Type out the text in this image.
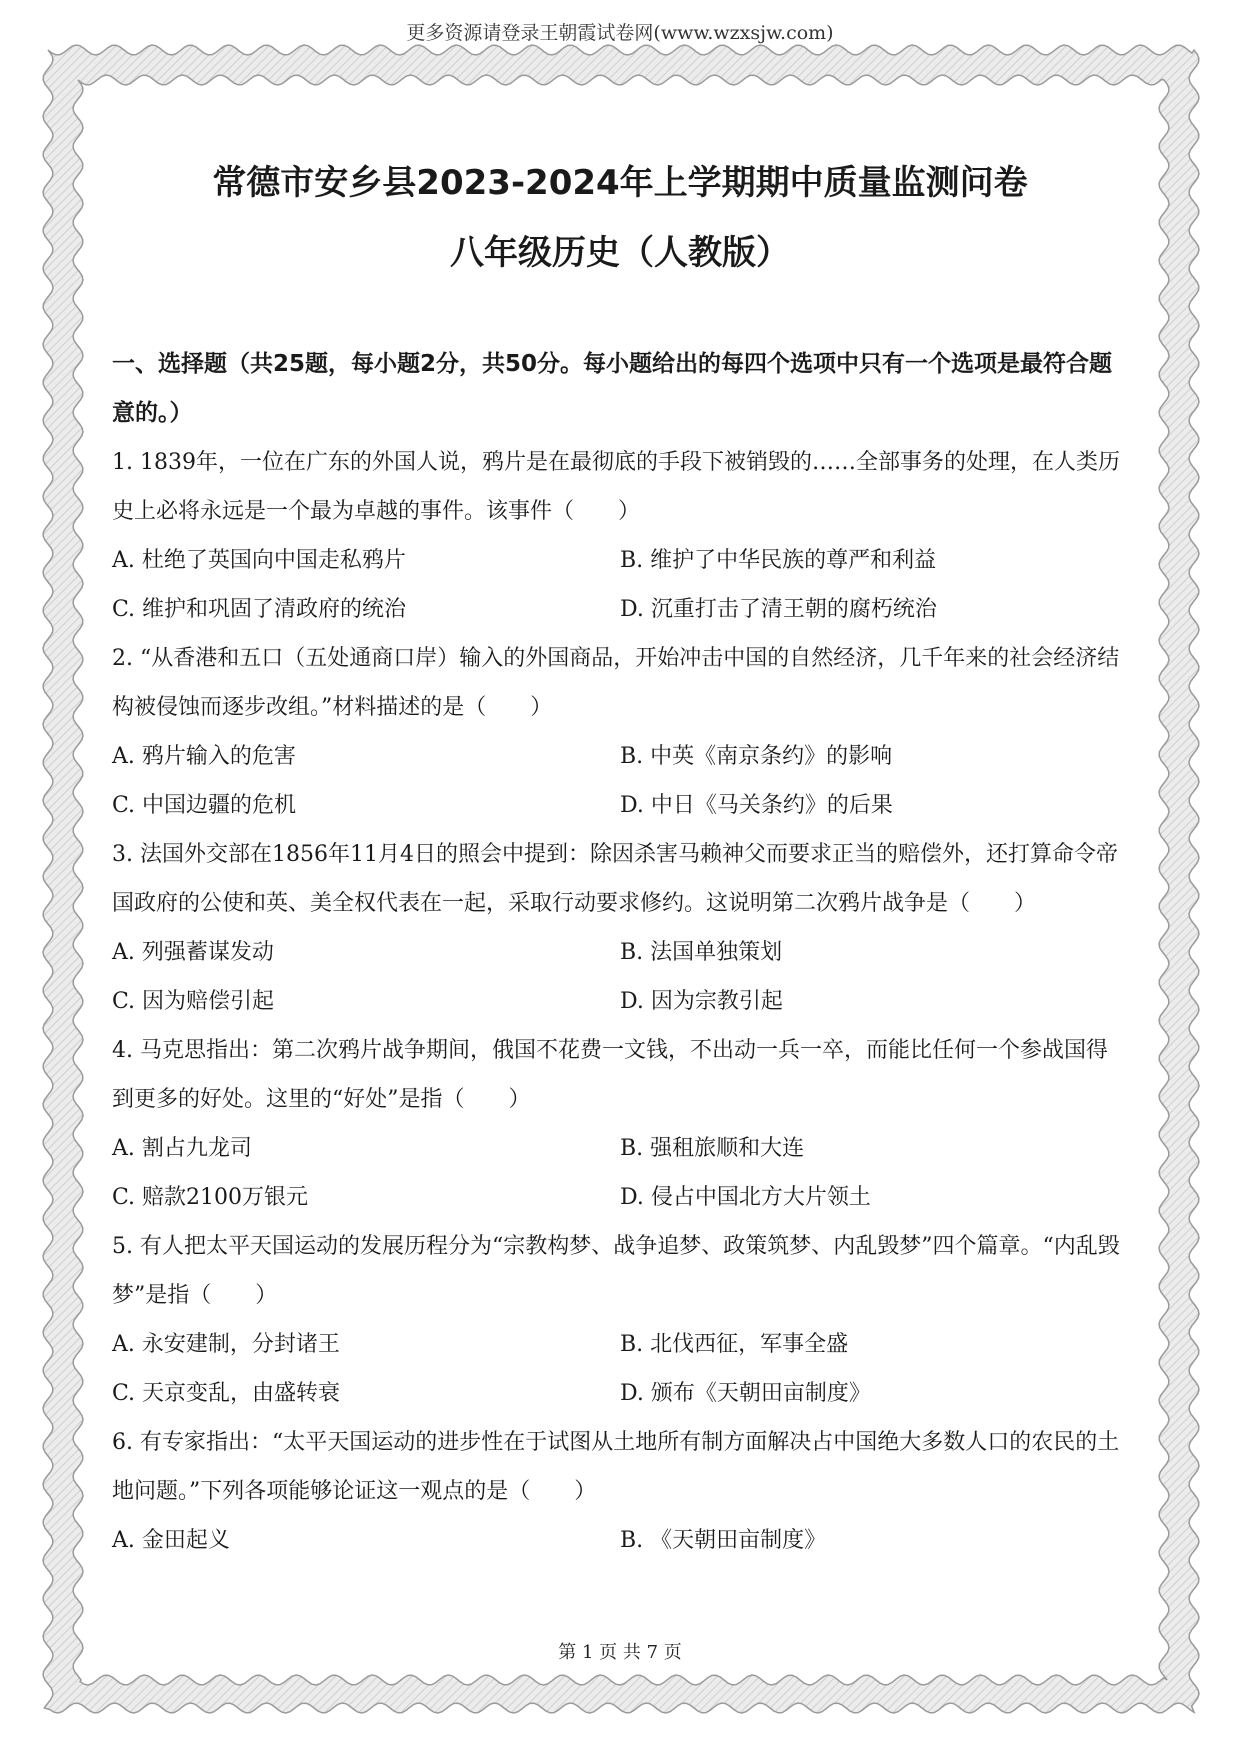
更多资源请登录王朝霞试卷网(www.wzxsjw.com)
常德市安乡县2023-2024年上学期期中质量监测问卷
八年级历史（人教版）
一、选择题（共25题，每小题2分，共50分。每小题给出的每四个选项中只有一个选项是最符合题意的。）

1. 1839年，一位在广东的外国人说，鸦片是在最彻底的手段下被销毁的……全部事务的处理，在人类历史上必将永远是一个最为卓越的事件。该事件（　　）

A. 杜绝了英国向中国走私鸦片	B. 维护了中华民族的尊严和利益
C. 维护和巩固了清政府的统治	D. 沉重打击了清王朝的腐朽统治

2. “从香港和五口（五处通商口岸）输入的外国商品，开始冲击中国的自然经济，几千年来的社会经济结构被侵蚀而逐步改组。”材料描述的是（　　）

A. 鸦片输入的危害	B. 中英《南京条约》的影响
C. 中国边疆的危机	D. 中日《马关条约》的后果

3. 法国外交部在1856年11月4日的照会中提到：除因杀害马赖神父而要求正当的赔偿外，还打算命令帝国政府的公使和英、美全权代表在一起，采取行动要求修约。这说明第二次鸦片战争是（　　）

A. 列强蓄谋发动	B. 法国单独策划
C. 因为赔偿引起	D. 因为宗教引起

4. 马克思指出：第二次鸦片战争期间，俄国不花费一文钱，不出动一兵一卒，而能比任何一个参战国得到更多的好处。这里的“好处”是指（　　）

A. 割占九龙司	B. 强租旅顺和大连
C. 赔款2100万银元	D. 侵占中国北方大片领土

5. 有人把太平天国运动的发展历程分为“宗教构梦、战争追梦、政策筑梦、内乱毁梦”四个篇章。“内乱毁梦”是指（　　）

A. 永安建制，分封诸王	B. 北伐西征，军事全盛
C. 天京变乱，由盛转衰	D. 颁布《天朝田亩制度》

6. 有专家指出：“太平天国运动的进步性在于试图从土地所有制方面解决占中国绝大多数人口的农民的土地问题。”下列各项能够论证这一观点的是（　　）

A. 金田起义	B. 《天朝田亩制度》
第 1 页 共 7 页
